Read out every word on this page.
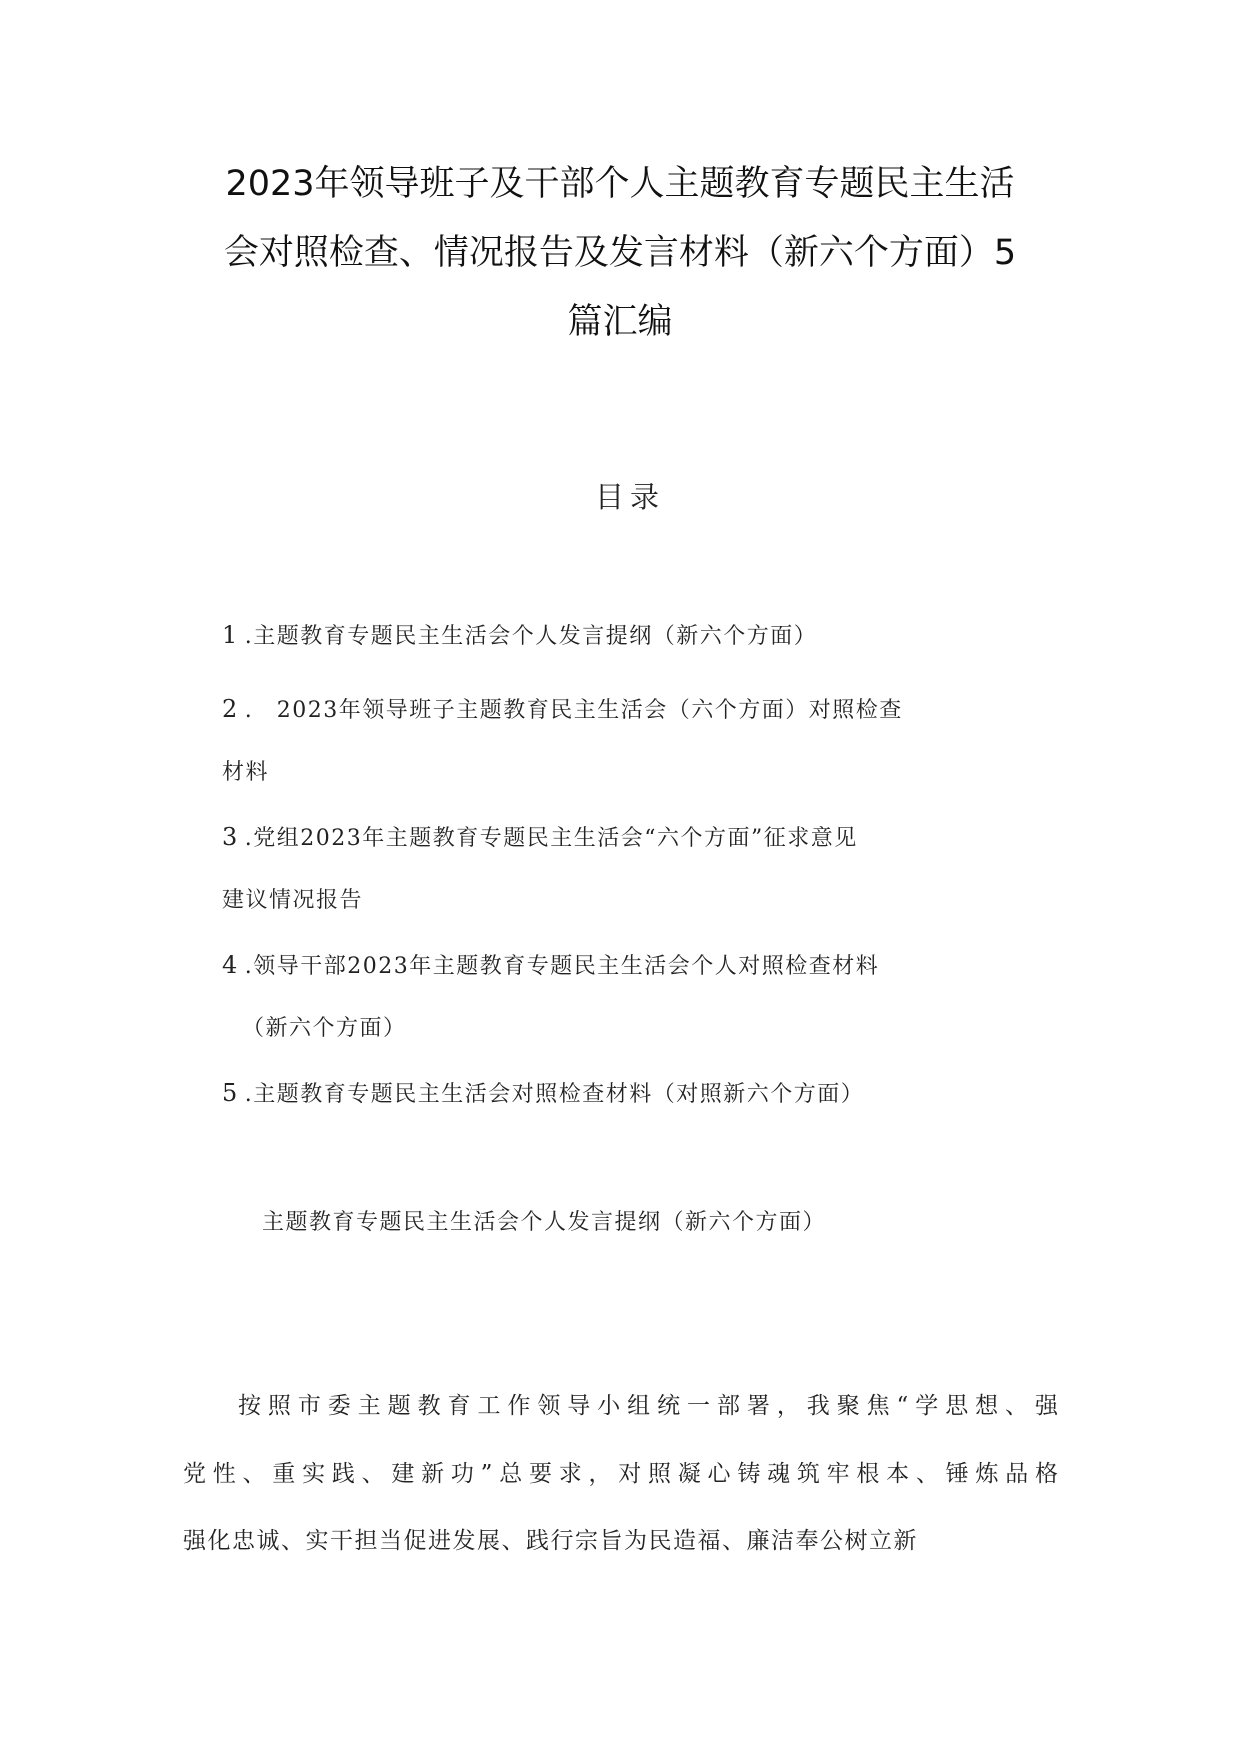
2023年领导班子及干部个人主题教育专题民主生活
会对照检查、情况报告及发言材料（新六个方面）5
篇汇编
目录
1 .主题教育专题民主生活会个人发言提纲（新六个方面）
2 .　2023年领导班子主题教育民主生活会（六个方面）对照检查
材料
3 .党组2023年主题教育专题民主生活会“六个方面”征求意见
建议情况报告
4 .领导干部2023年主题教育专题民主生活会个人对照检查材料
（新六个方面）
5 .主题教育专题民主生活会对照检查材料（对照新六个方面）
主题教育专题民主生活会个人发言提纲（新六个方面）
按照市委主题教育工作领导小组统一部署，我聚焦“学思想、强
党性、重实践、建新功”总要求，对照凝心铸魂筑牢根本、锤炼品格
强化忠诚、实干担当促进发展、践行宗旨为民造福、廉洁奉公树立新
